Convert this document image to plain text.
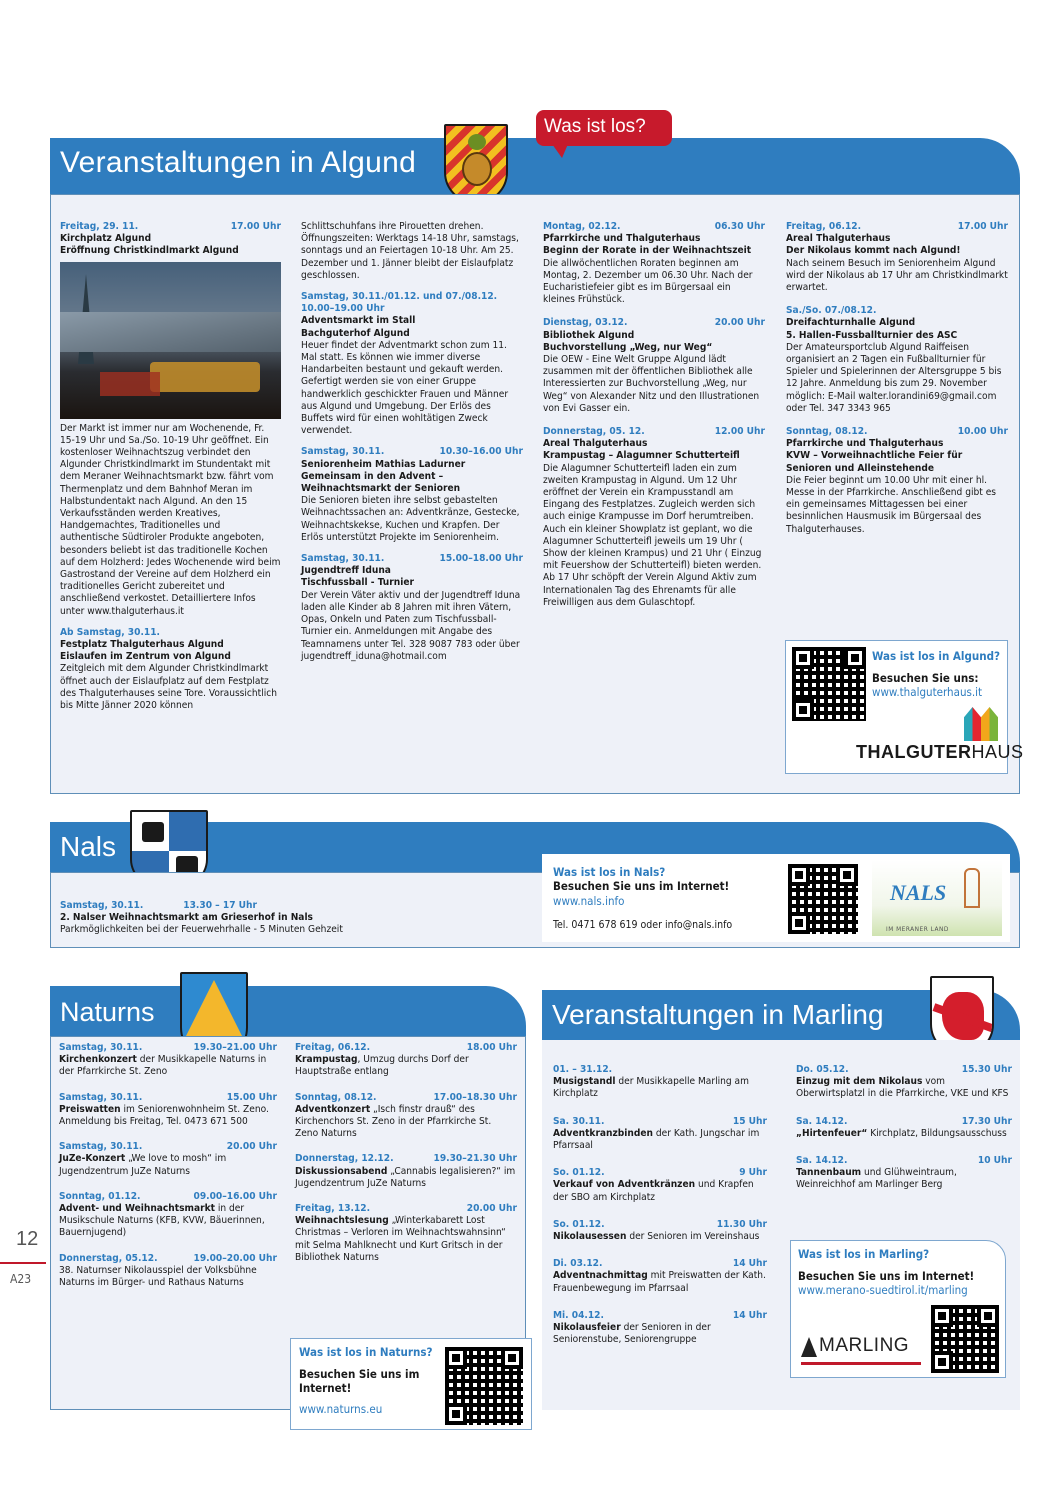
12
A23
Veranstaltungen in Algund
Was ist los?
Freitag, 29. 11.	17.00 Uhr
Kirchplatz Algund
Eröffnung Christkindlmarkt Algund
Der Markt ist immer nur am Wochenende, Fr. 15-19 Uhr und Sa./So. 10-19 Uhr geöffnet. Ein kostenloser Weihnachtszug verbindet den Algunder Christkindlmarkt im Stundentakt mit dem Meraner Weihnachtsmarkt bzw. fährt vom Thermenplatz und dem Bahnhof Meran im Halbstundentakt nach Algund. An den 15 Verkaufsständen werden Kreatives, Handgemachtes, Traditionelles und authentische Südtiroler Produkte angeboten, besonders beliebt ist das traditionelle Kochen auf dem Holzherd: Jedes Wochenende wird beim Gastrostand der Vereine auf dem Holzherd ein traditionelles Gericht zubereitet und anschließend verkostet. Detailliertere Infos unter www.thalguterhaus.it
Ab Samstag, 30.11.
Festplatz Thalguterhaus Algund
Eislaufen im Zentrum von Algund
Zeitgleich mit dem Algunder Christkindlmarkt öffnet auch der Eislaufplatz auf dem Festplatz des Thalguterhauses seine Tore. Voraussichtlich bis Mitte Jänner 2020 können
Schlittschuhfans ihre Pirouetten drehen. Öffnungszeiten: Werktags 14-18 Uhr, samstags, sonntags und an Feiertagen 10-18 Uhr. Am 25. Dezember und 1. Jänner bleibt der Eislaufplatz geschlossen.
Samstag, 30.11./01.12. und 07./08.12.
10.00–19.00 Uhr
Adventsmarkt im Stall
Bachguterhof Algund
Heuer findet der Adventmarkt schon zum 11. Mal statt. Es können wie immer diverse Handarbeiten bestaunt und gekauft werden. Gefertigt werden sie von einer Gruppe handwerklich geschickter Frauen und Männer aus Algund und Umgebung. Der Erlös des Buffets wird für einen wohltätigen Zweck verwendet.
Samstag, 30.11.	10.30–16.00 Uhr
Seniorenheim Mathias Ladurner
Gemeinsam in den Advent – Weihnachtsmarkt der Senioren
Die Senioren bieten ihre selbst gebastelten Weihnachtssachen an: Adventkränze, Gestecke, Weihnachtskekse, Kuchen und Krapfen. Der Erlös unterstützt Projekte im Seniorenheim.
Samstag, 30.11.	15.00–18.00 Uhr
Jugendtreff Iduna
Tischfussball - Turnier
Der Verein Väter aktiv und der Jugendtreff Iduna laden alle Kinder ab 8 Jahren mit ihren Vätern, Opas, Onkeln und Paten zum Tischfussball-Turnier ein. Anmeldungen mit Angabe des Teamnamens unter Tel. 328 9087 783 oder über jugendtreff_iduna@hotmail.com
Montag, 02.12.	06.30 Uhr
Pfarrkirche und Thalguterhaus
Beginn der Rorate in der Weihnachtszeit
Die allwöchentlichen Roraten beginnen am Montag, 2. Dezember um 06.30 Uhr. Nach der Eucharistiefeier gibt es im Bürgersaal ein kleines Frühstück.
Dienstag, 03.12.	20.00 Uhr
Bibliothek Algund
Buchvorstellung „Weg, nur Weg“
Die OEW - Eine Welt Gruppe Algund lädt zusammen mit der öffentlichen Bibliothek alle Interessierten zur Buchvorstellung „Weg, nur Weg“ von Alexander Nitz und den Illustrationen von Evi Gasser ein.
Donnerstag, 05. 12.	12.00 Uhr
Areal Thalguterhaus
Krampustag – Alagumner Schutterteifl
Die Alagumner Schutterteifl laden ein zum zweiten Krampustag in Algund. Um 12 Uhr eröffnet der Verein ein Krampusstandl am Eingang des Festplatzes. Zugleich werden sich auch einige Krampusse im Dorf herumtreiben. Auch ein kleiner Showplatz ist geplant, wo die Alagumner Schutterteifl jeweils um 19 Uhr ( Show der kleinen Krampus) und 21 Uhr ( Einzug mit Feuershow der Schutterteifl) bieten werden. Ab 17 Uhr schöpft der Verein Algund Aktiv zum Internationalen Tag des Ehrenamts für alle Freiwilligen aus dem Gulaschtopf.
Freitag, 06.12.	17.00 Uhr
Areal Thalguterhaus
Der Nikolaus kommt nach Algund!
Nach seinem Besuch im Seniorenheim Algund wird der Nikolaus ab 17 Uhr am Christkindlmarkt erwartet.
Sa./So. 07./08.12.
Dreifachturnhalle Algund
5. Hallen-Fussballturnier des ASC
Der Amateursportclub Algund Raiffeisen organisiert an 2 Tagen ein Fußballturnier für Spieler und Spielerinnen der Altersgruppe 5 bis 12 Jahre. Anmeldung bis zum 29. November möglich: E-Mail walter.lorandini69@gmail.com oder Tel. 347 3343 965
Sonntag, 08.12.	10.00 Uhr
Pfarrkirche und Thalguterhaus
KVW – Vorweihnachtliche Feier für Senioren und Alleinstehende
Die Feier beginnt um 10.00 Uhr mit einer hl. Messe in der Pfarrkirche. Anschließend gibt es ein gemeinsames Mittagessen bei einer besinnlichen Hausmusik im Bürgersaal des Thalguterhauses.
Was ist los in Algund?
Besuchen Sie uns:
www.thalguterhaus.it
THALGUTERHAUS
Nals
Samstag, 30.11.	13.30 – 17 Uhr
2. Nalser Weihnachtsmarkt am Grieserhof in Nals
Parkmöglichkeiten bei der Feuerwehrhalle - 5 Minuten Gehzeit
Was ist los in Nals?
Besuchen Sie uns im Internet!
www.nals.info
Tel. 0471 678 619 oder info@nals.info
NALS
IM MERANER LAND
Naturns
Samstag, 30.11.	19.30–21.00 Uhr
Kirchenkonzert der Musikkapelle Naturns in der Pfarrkirche St. Zeno
Samstag, 30.11.	15.00 Uhr
Preiswatten im Seniorenwohnheim St. Zeno. Anmeldung bis Freitag, Tel. 0473 671 500
Samstag, 30.11.	20.00 Uhr
JuZe-Konzert „We love to mosh“ im Jugendzentrum JuZe Naturns
Sonntag, 01.12.	09.00–16.00 Uhr
Advent- und Weihnachtsmarkt in der Musikschule Naturns (KFB, KVW, Bäuerinnen, Bauernjugend)
Donnerstag, 05.12.	19.00–20.00 Uhr
38. Naturnser Nikolausspiel der Volksbühne Naturns im Bürger- und Rathaus Naturns
Freitag, 06.12.	18.00 Uhr
Krampustag, Umzug durchs Dorf der Hauptstraße entlang
Sonntag, 08.12.	17.00–18.30 Uhr
Adventkonzert „Isch finstr drauß“ des Kirchenchors St. Zeno in der Pfarrkirche St. Zeno Naturns
Donnerstag, 12.12.	19.30–21.30 Uhr
Diskussionsabend „Cannabis legalisieren?“ im Jugendzentrum JuZe Naturns
Freitag, 13.12.	20.00 Uhr
Weihnachtslesung „Winterkabarett Lost Christmas – Verloren im Weihnachtswahnsinn“ mit Selma Mahlknecht und Kurt Gritsch in der Bibliothek Naturns
Was ist los in Naturns?
Besuchen Sie uns im Internet!
www.naturns.eu
Veranstaltungen in Marling
01. – 31.12.
Musigstandl der Musikkapelle Marling am Kirchplatz
Sa. 30.11.	15 Uhr
Adventkranzbinden der Kath. Jungschar im Pfarrsaal
So. 01.12.	9 Uhr
Verkauf von Adventkränzen und Krapfen der SBO am Kirchplatz
So. 01.12.	11.30 Uhr
Nikolausessen der Senioren im Vereinshaus
Di. 03.12.	14 Uhr
Adventnachmittag mit Preiswatten der Kath. Frauenbewegung im Pfarrsaal
Mi. 04.12.	14 Uhr
Nikolausfeier der Senioren in der Seniorenstube, Seniorengruppe
Do. 05.12.	15.30 Uhr
Einzug mit dem Nikolaus vom Oberwirtsplatzl in die Pfarrkirche, VKE und KFS
Sa. 14.12.	17.30 Uhr
„Hirtenfeuer“ Kirchplatz, Bildungsausschuss
Sa. 14.12.	10 Uhr
Tannenbaum und Glühweintraum, Weinreichhof am Marlinger Berg
Was ist los in Marling?
Besuchen Sie uns im Internet!
www.merano-suedtirol.it/marling
MARLING
